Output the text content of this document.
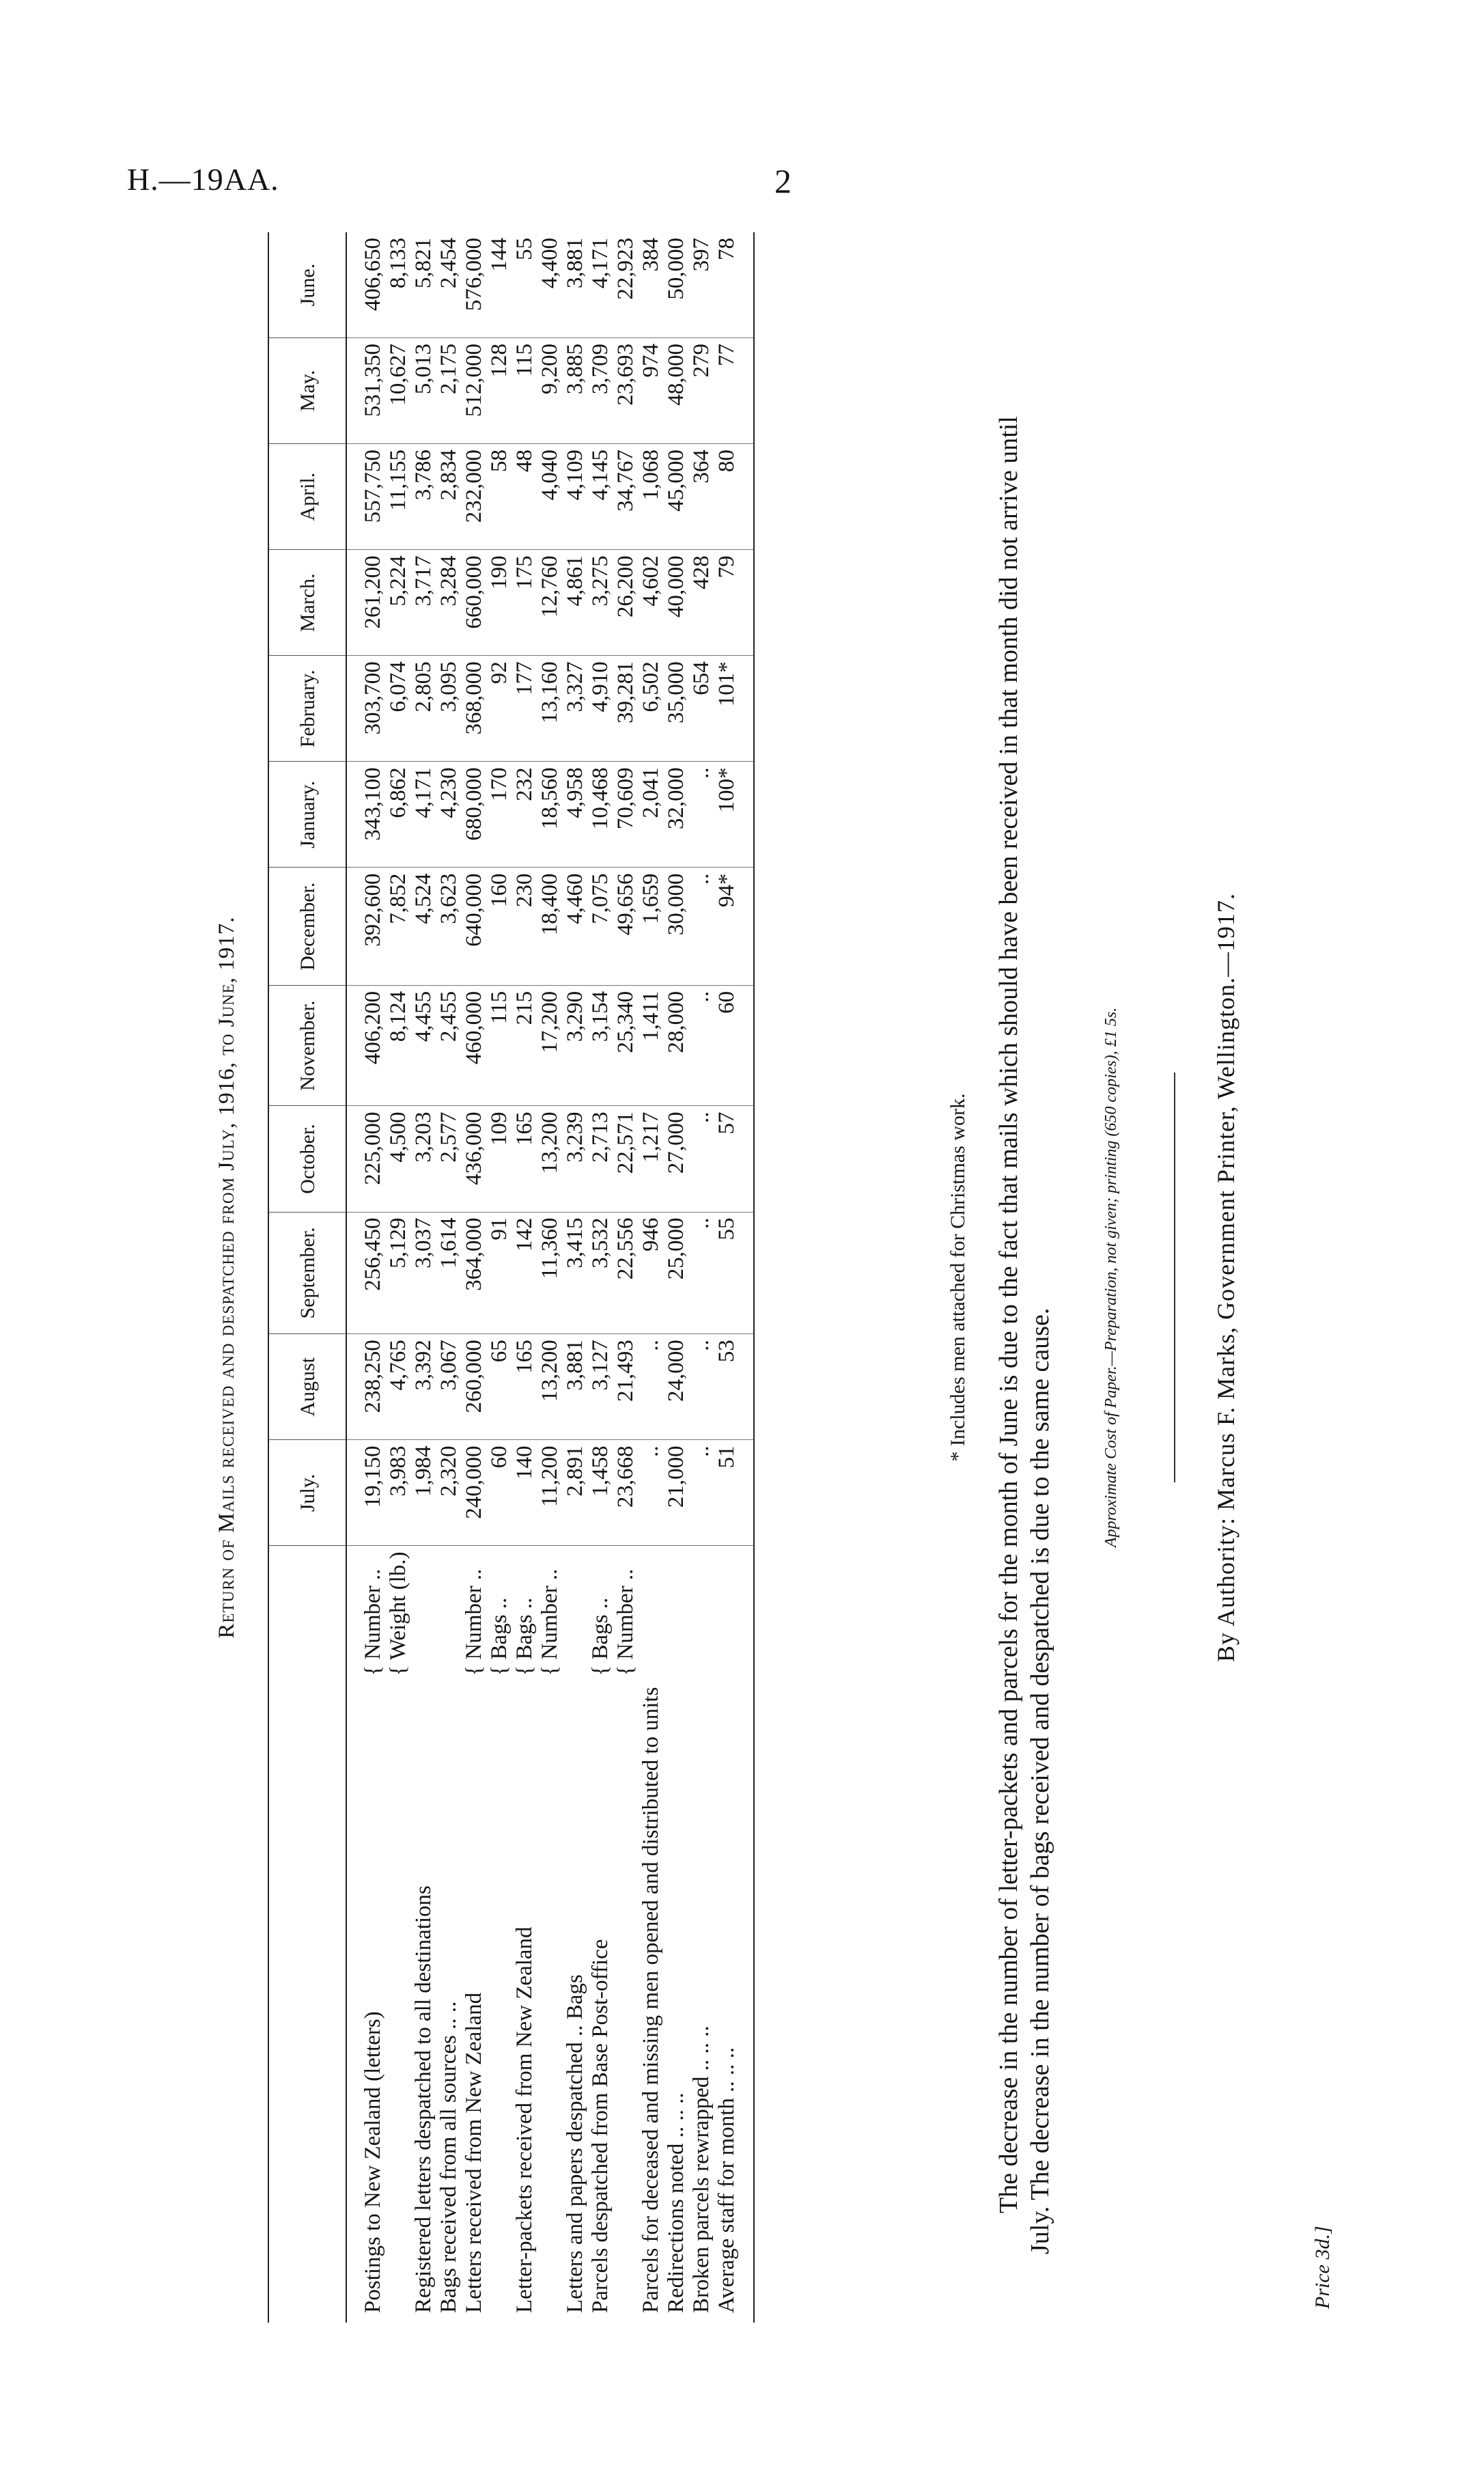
H.—19AA.	2
Return of Mails received and despatched from July, 1916, to June, 1917.
		July.	August	September.	October.	November.	December.	January.	February.	March.	April.	May.	June.
Postings to New Zealand (letters)	{ Number ..	19,150	238,250	256,450	225,000	406,200	392,600	343,100	303,700	261,200	557,750	531,350	406,650
	{ Weight (lb.)	3,983	4,765	5,129	4,500	8,124	7,852	6,862	6,074	5,224	11,155	10,627	8,133
Registered letters despatched to all destinations		1,984	3,392	3,037	3,203	4,455	4,524	4,171	2,805	3,717	3,786	5,013	5,821
Bags received from all sources .. ..		2,320	3,067	1,614	2,577	2,455	3,623	4,230	3,095	3,284	2,834	2,175	2,454
Letters received from New Zealand	{ Number ..	240,000	260,000	364,000	436,000	460,000	640,000	680,000	368,000	660,000	232,000	512,000	576,000
	{ Bags ..	60	65	91	109	115	160	170	92	190	58	128	144
Letter-packets received from New Zealand	{ Bags ..	140	165	142	165	215	230	232	177	175	48	115	55
	{ Number ..	11,200	13,200	11,360	13,200	17,200	18,400	18,560	13,160	12,760	4,040	9,200	4,400
Letters and papers despatched .. Bags		2,891	3,881	3,415	3,239	3,290	4,460	4,958	3,327	4,861	4,109	3,885	3,881
Parcels despatched from Base Post-office	{ Bags ..	1,458	3,127	3,532	2,713	3,154	7,075	10,468	4,910	3,275	4,145	3,709	4,171
	{ Number ..	23,668	21,493	22,556	22,571	25,340	49,656	70,609	39,281	26,200	34,767	23,693	22,923
Parcels for deceased and missing men opened and distributed to units		..	..	946	1,217	1,411	1,659	2,041	6,502	4,602	1,068	974	384
Redirections noted .. .. ..		21,000	24,000	25,000	27,000	28,000	30,000	32,000	35,000	40,000	45,000	48,000	50,000
Broken parcels rewrapped .. .. ..		..	..	..	..	..	..	..	654	428	364	279	397
Average staff for month .. .. ..		51	53	55	57	60	94*	100*	101*	79	80	77	78
* Includes men attached for Christmas work. The decrease in the number of letter-packets and parcels for the month of June is due to the fact that mails which should have been received in that month did not arrive until July. The decrease in the number of bags received and despatched is due to the same cause.
Approximate Cost of Paper.—Preparation, not given; printing (650 copies), £1 5s.	By Authority: Marcus F. Marks, Government Printer, Wellington.—1917.
Price 3d.]
